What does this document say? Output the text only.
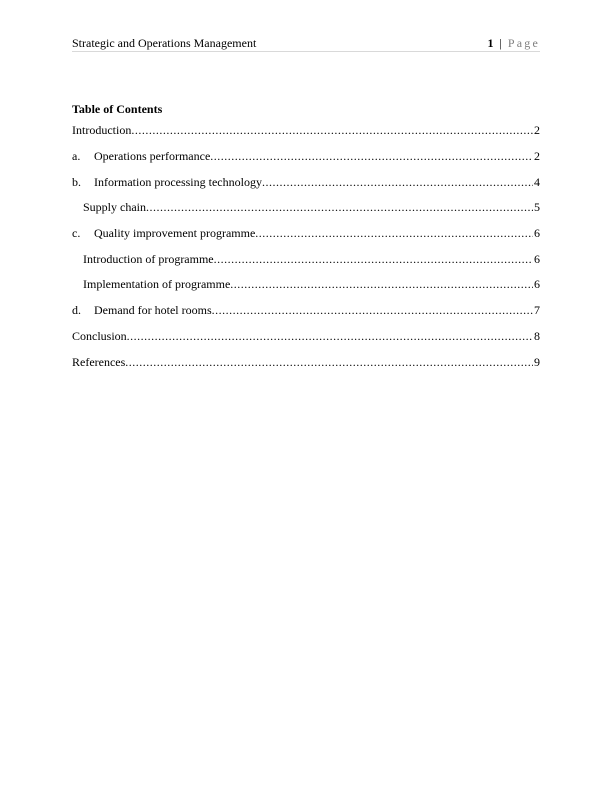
Strategic and Operations Management	1 | Page
Table of Contents
Introduction .....	2
a.	Operations performance .....	2
b.	Information processing technology .....	4
Supply chain .....	5
c.	Quality improvement programme .....	6
Introduction of programme .....	6
Implementation of programme .....	6
d.	Demand for hotel rooms .....	7
Conclusion .....	8
References .....	9
